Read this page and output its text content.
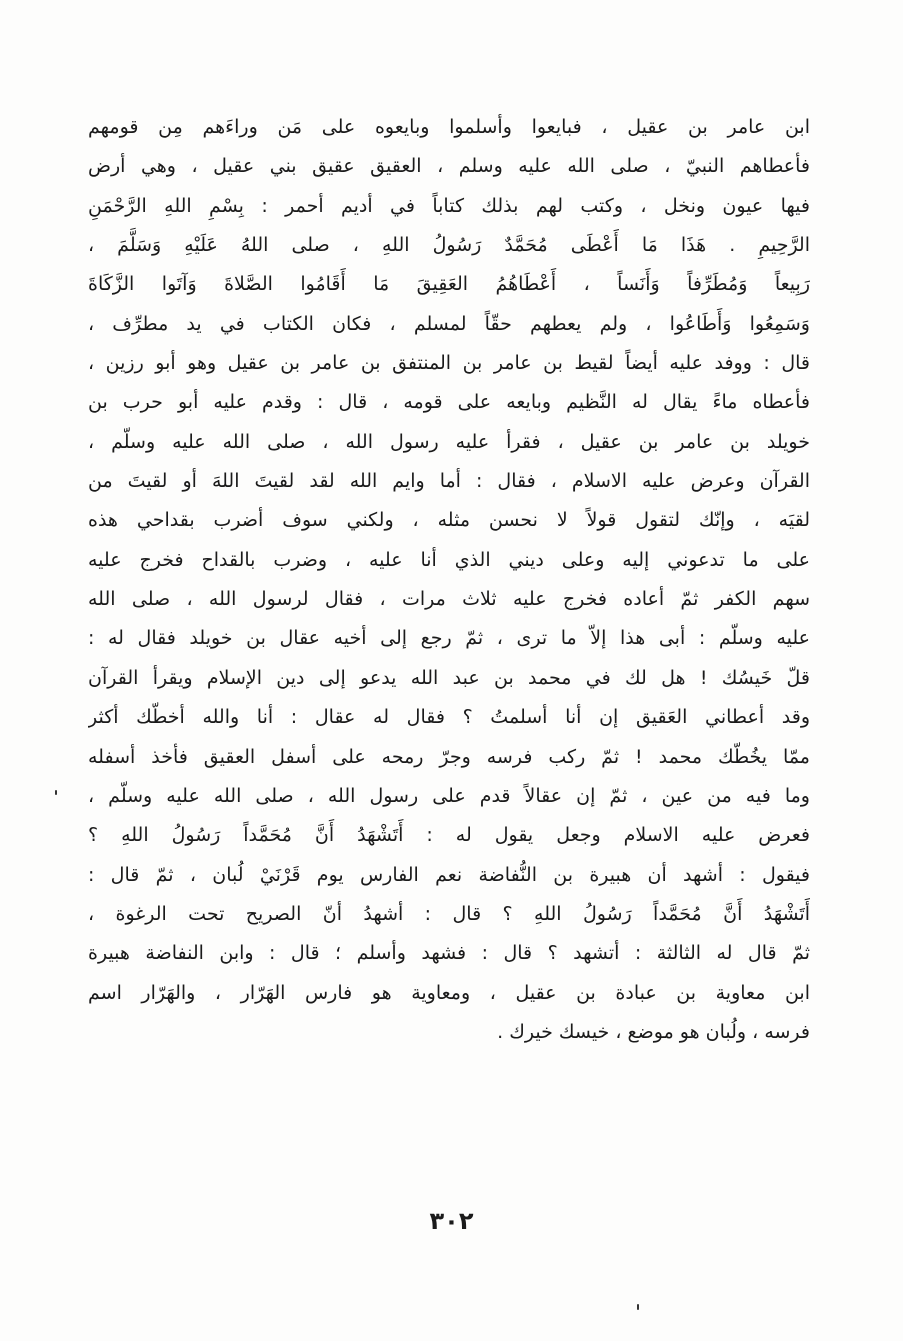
ابن عامر بن عقيل ، فبايعوا وأسلموا وبايعوه على مَن وراءَهم مِن قومهم
فأعطاهم النبيّ ، صلى الله عليه وسلم ، العقيق عقيق بني عقيل ، وهي أرض
فيها عيون ونخل ، وكتب لهم بذلك كتاباً في أديم أحمر : بِسْمِ اللهِ الرَّحْمَنِ
الرَّحِيمِ . هَذَا مَا أَعْطَى مُحَمَّدٌ رَسُولُ اللهِ ، صلى اللهُ عَلَيْهِ وَسَلَّمَ ،
رَبِيعاً وَمُطَرِّفاً وَأَنَساً ، أَعْطَاهُمُ العَقِيقَ مَا أَقَامُوا الصَّلاةَ وَآتَوا الزَّكَاةَ
وَسَمِعُوا وَأَطَاعُوا ، ولم يعطهم حقّاً لمسلم ، فكان الكتاب في يد مطرِّف ،
قال : ووفد عليه أيضاً لقيط بن عامر بن المنتفق بن عامر بن عقيل وهو أبو رزين ،
فأعطاه ماءً يقال له النَّظيم وبايعه على قومه ، قال : وقدم عليه أبو حرب بن
خويلد بن عامر بن عقيل ، فقرأ عليه رسول الله ، صلى الله عليه وسلّم ،
القرآن وعرض عليه الاسلام ، فقال : أما وايم الله لقد لقيتَ اللهَ أو لقيتَ من
لقيَه ، وإنّك لتقول قولاً لا نحسن مثله ، ولكني سوف أضرب بقداحي هذه
على ما تدعوني إليه وعلى ديني الذي أنا عليه ، وضرب بالقداح فخرج عليه
سهم الكفر ثمّ أعاده فخرج عليه ثلاث مرات ، فقال لرسول الله ، صلى الله
عليه وسلّم : أبى هذا إلاّ ما ترى ، ثمّ رجع إلى أخيه عقال بن خويلد فقال له :
قلّ خَيسُك ! هل لك في محمد بن عبد الله يدعو إلى دين الإسلام ويقرأ القرآن
وقد أعطاني العَقيق إن أنا أسلمتُ ؟ فقال له عقال : أنا والله أخطّك أكثر
ممّا يخُطّك محمد ! ثمّ ركب فرسه وجرّ رمحه على أسفل العقيق فأخذ أسفله
وما فيه من عين ، ثمّ إن عقالاً قدم على رسول الله ، صلى الله عليه وسلّم ،
فعرض عليه الاسلام وجعل يقول له : أَتَشْهَدُ أَنَّ مُحَمَّداً رَسُولُ اللهِ ؟
فيقول : أشهد أن هبيرة بن النُّفاضة نعم الفارس يوم قَرْنَيْ لُبان ، ثمّ قال :
أَتَشْهَدُ أَنَّ مُحَمَّداً رَسُولُ اللهِ ؟ قال : أشهدُ أنّ الصريح تحت الرغوة ،
ثمّ قال له الثالثة : أتشهد ؟ قال : فشهد وأسلم ؛ قال : وابن النفاضة هبيرة
ابن معاوية بن عبادة بن عقيل ، ومعاوية هو فارس الهَرّار ، والهَرّار اسم
فرسه ، ولُبان هو موضع ، خيسك خيرك .
٣٠٢
